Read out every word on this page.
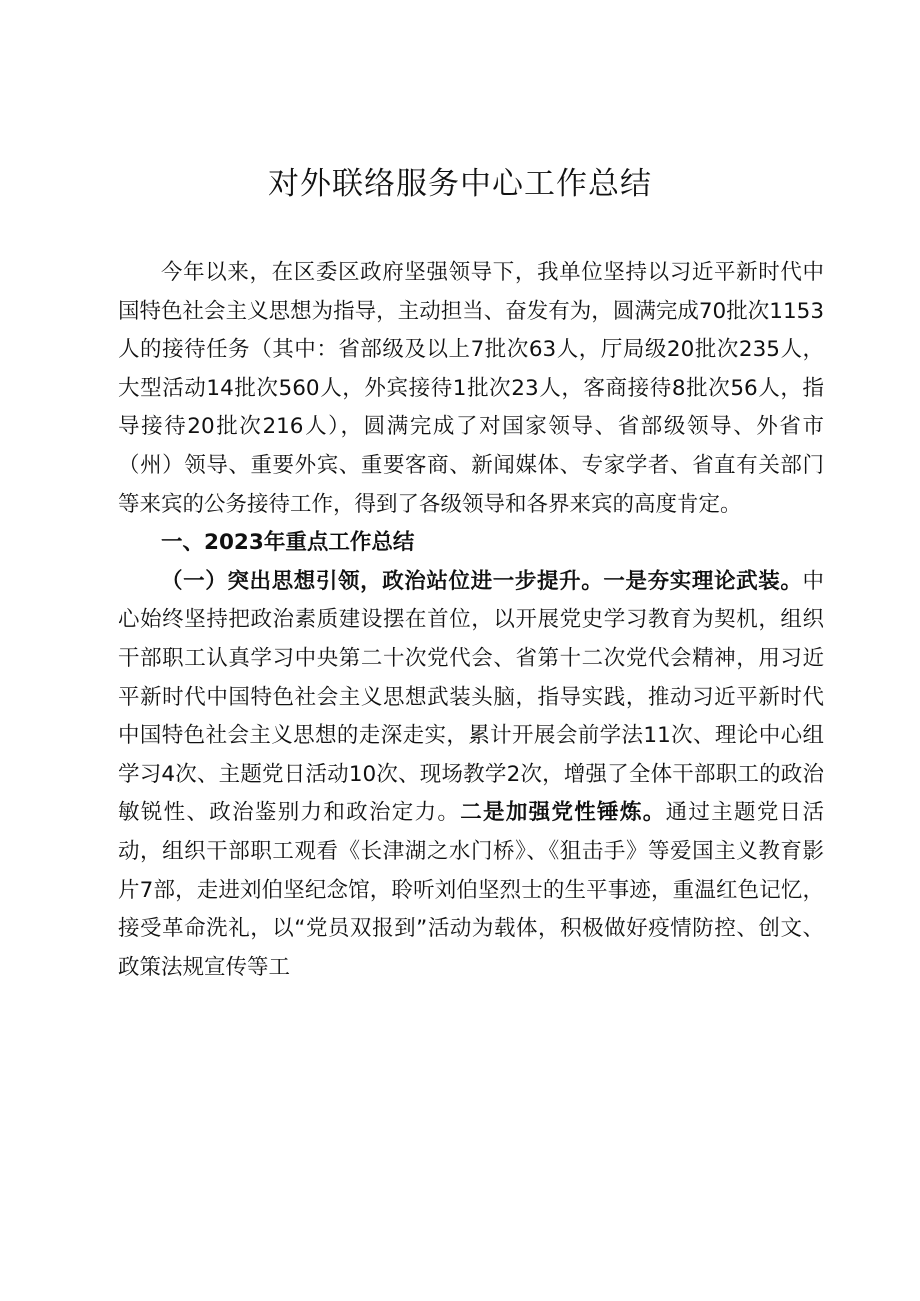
对外联络服务中心工作总结

今年以来，在区委区政府坚强领导下，我单位坚持以习近平新时代中国特色社会主义思想为指导，主动担当、奋发有为，圆满完成70批次1153人的接待任务（其中：省部级及以上7批次63人，厅局级20批次235人，大型活动14批次560人，外宾接待1批次23人，客商接待8批次56人，指导接待20批次216人），圆满完成了对国家领导、省部级领导、外省市（州）领导、重要外宾、重要客商、新闻媒体、专家学者、省直有关部门等来宾的公务接待工作，得到了各级领导和各界来宾的高度肯定。

一、2023年重点工作总结

（一）突出思想引领，政治站位进一步提升。一是夯实理论武装。中心始终坚持把政治素质建设摆在首位，以开展党史学习教育为契机，组织干部职工认真学习中央第二十次党代会、省第十二次党代会精神，用习近平新时代中国特色社会主义思想武装头脑，指导实践，推动习近平新时代中国特色社会主义思想的走深走实，累计开展会前学法11次、理论中心组学习4次、主题党日活动10次、现场教学2次，增强了全体干部职工的政治敏锐性、政治鉴别力和政治定力。二是加强党性锤炼。通过主题党日活动，组织干部职工观看《长津湖之水门桥》、《狙击手》等爱国主义教育影片7部，走进刘伯坚纪念馆，聆听刘伯坚烈士的生平事迹，重温红色记忆，接受革命洗礼，以“党员双报到”活动为载体，积极做好疫情防控、创文、政策法规宣传等工
